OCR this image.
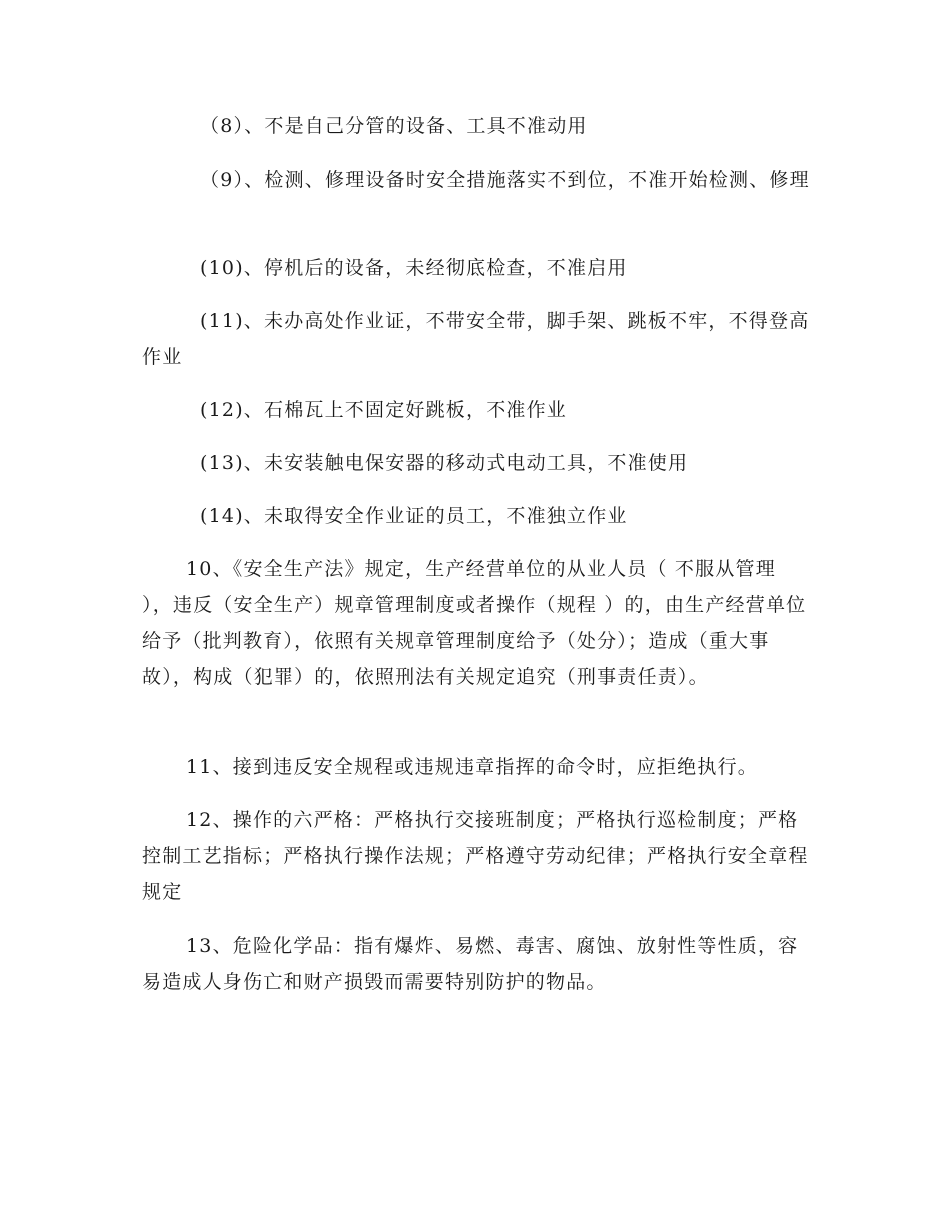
（8）、不是自己分管的设备、工具不准动用

（9）、检测、修理设备时安全措施落实不到位，不准开始检测、修理

(10)、停机后的设备，未经彻底检查，不准启用

(11)、未办高处作业证，不带安全带，脚手架、跳板不牢，不得登高作业

(12)、石棉瓦上不固定好跳板，不准作业

(13)、未安装触电保安器的移动式电动工具，不准使用

(14)、未取得安全作业证的员工，不准独立作业

10、《安全生产法》规定，生产经营单位的从业人员（ 不服从管理 ），违反（安全生产）规章管理制度或者操作（规程 ）的，由生产经营单位给予（批判教育），依照有关规章管理制度给予（处分）；造成（重大事故），构成（犯罪）的，依照刑法有关规定追究（刑事责任责）。

11、接到违反安全规程或违规违章指挥的命令时，应拒绝执行。

12、操作的六严格：严格执行交接班制度；严格执行巡检制度；严格控制工艺指标；严格执行操作法规；严格遵守劳动纪律；严格执行安全章程规定

13、危险化学品：指有爆炸、易燃、毒害、腐蚀、放射性等性质，容易造成人身伤亡和财产损毁而需要特别防护的物品。
